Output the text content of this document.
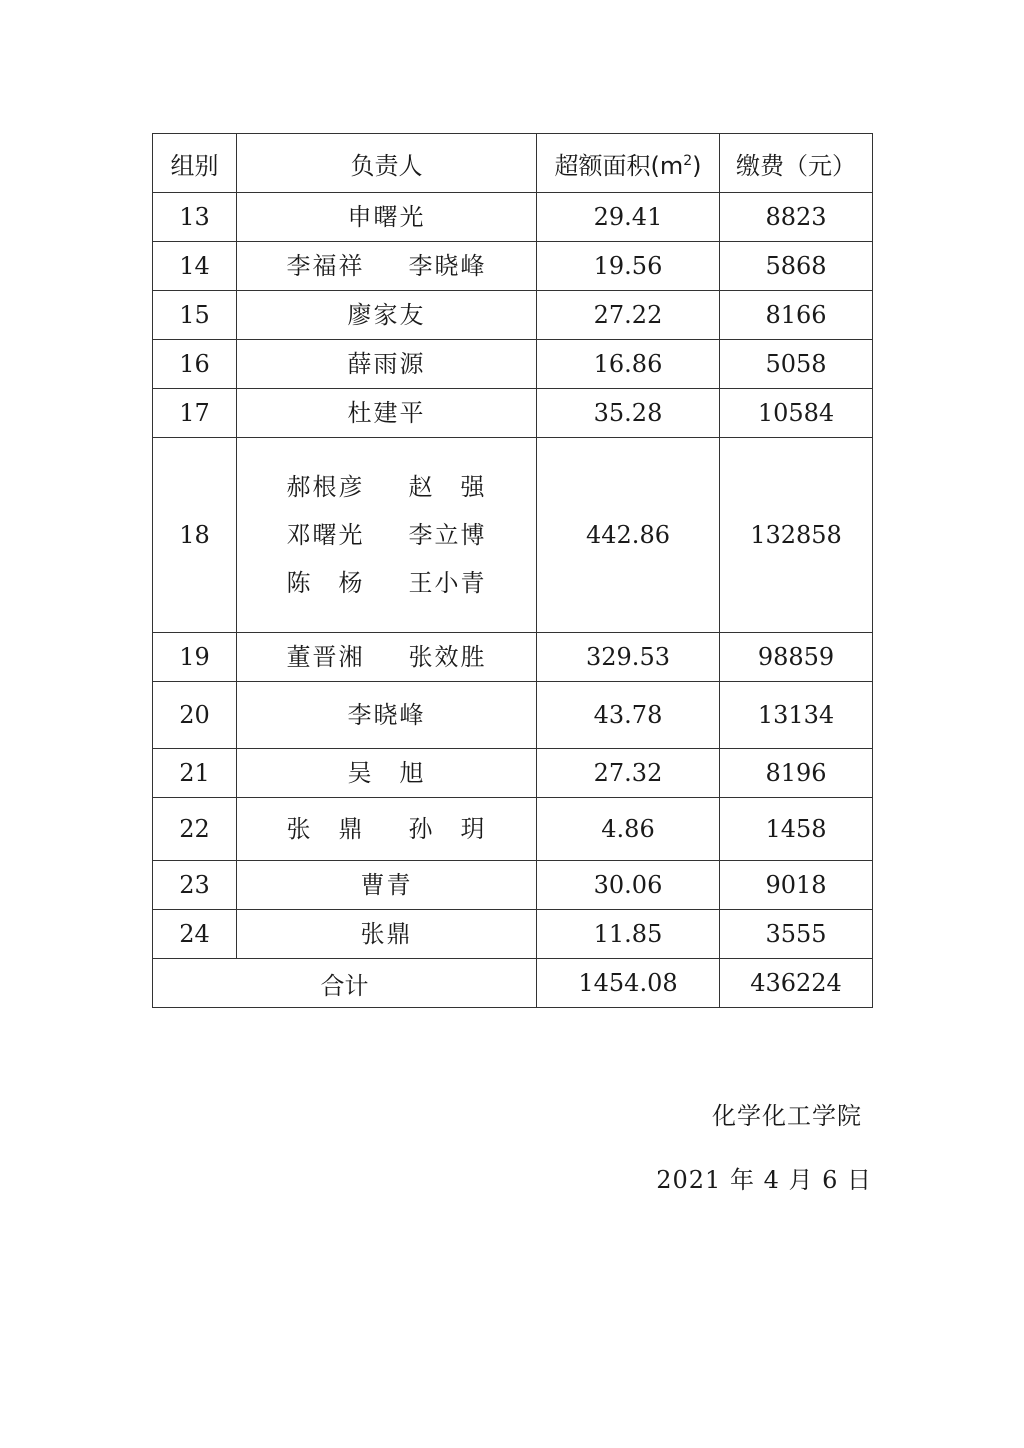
组别	负责人	超额面积$(m^2)$	缴费（元）
13	申曙光	29.41	8823
14	李福祥 李晓峰	19.56	5868
15	廖家友	27.22	8166
16	薛雨源	16.86	5058
17	杜建平	35.28	10584
18	郝根彦 赵　强
邓曙光 李立博
陈　杨 王小青	442.86	132858
19	董晋湘 张效胜	329.53	98859
20	李晓峰	43.78	13134
21	吴　旭	27.32	8196
22	张　鼎 孙　玥	4.86	1458
23	曹青	30.06	9018
24	张鼎	11.85	3555
合计		1454.08	436224
化学化工学院
2021 年 4 月 6 日
